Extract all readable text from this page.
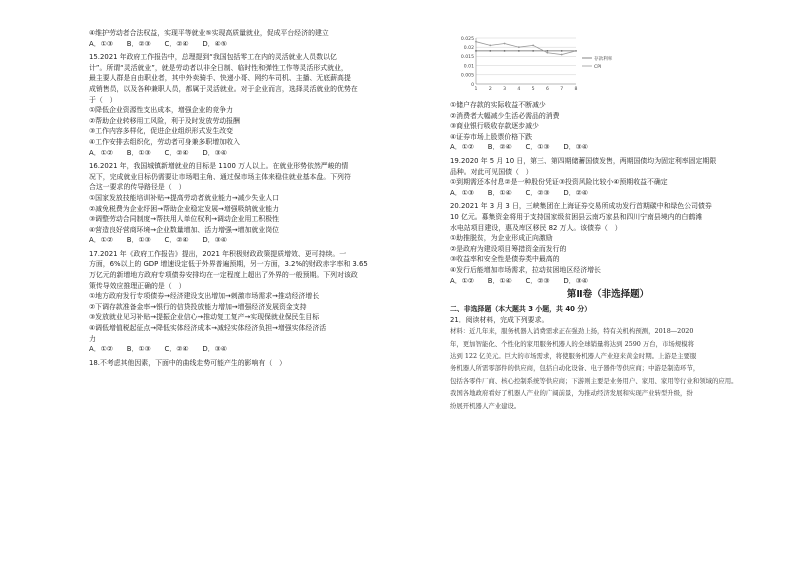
④维护劳动者合法权益，实现平等就业⑤实现高质量就业，促成平台经济的建立
A．①③　　B．②③　　C．②④　　D．④⑤
15.2021 年政府工作报告中，总理提到“我国包括零工在内的灵活就业人员数以亿
计”。所谓“灵活就业”，就是劳动者以非全日制、临时性和弹性工作等灵活形式就业，
最主要人群是自由职业者，其中外卖骑手、快递小哥、网约车司机、主播、无底薪高提
成销售员，以及各种兼职人员，都属于灵活就业。对于企业而言，选择灵活就业的优势在
于（　）
①降低企业资源性支出成本，增强企业的竞争力
②帮助企业转移用工风险，利于及时发放劳动报酬
③工作内容多样化，促进企业组织形式发生改变
④工作安排去组织化，劳动者可身兼多职增加收入
A．①②　　B．①③　　C．②④　　D．③④
16.2021 年，我国城镇新增就业的目标是 1100 万人以上。在就业形势依然严峻的情
况下，完成就业目标仍需要让市场唱主角、通过保市场主体来稳住就业基本盘。下列符
合这一要求的传导路径是（　）
①国家发放技能培训补贴→提高劳动者就业能力→减少失业人口
②减免税费为企业纾困→帮助企业稳定发展→增强吸纳就业能力
③调整劳动合同制度→帮扶用人单位权利→调动企业用工积极性
④营造良好营商环境→企业数量增加、活力增强→增加就业岗位
A．①②　　B．①③　　C．②④　　D．③④
17.2021 年《政府工作报告》提出，2021 年积极财政政策提质增效、更可持续。一
方面，6%以上的 GDP 增速设定低于外界普遍预期，另一方面，3.2%的财政赤字率和 3.65
万亿元的新增地方政府专项债券安排均在一定程度上超出了外界的一般预期。下列对该政
策传导效应推理正确的是（　）
①地方政府发行专项债券→经济建设支出增加→刺激市场需求→推动经济增长
②下调存款准备金率→银行的信贷投放能力增加→增强经济发展资金支持
③发放就业见习补贴→提振企业信心→推动复工复产→实现保就业保民生目标
④调低增值税起征点→降低实体经济成本→减轻实体经济负担→增强实体经济活
力
A．①②　　B．①③　　C．②④　　D．③④
18.不考虑其他因素，下面中的曲线走势可能产生的影响有（　）
0.025
0.02
0.015
0.01
0.005
0
1 2 3 4 5 6 7 8
存款利率
CPI
①储户存款的实际收益不断减少
②消费者大幅减少生活必需品的消费
③商业银行吸收存款逐步减少
④证券市场上股票价格下跌
A．①②　　B．②④　　C．①③　　D．③④
19.2020 年 5 月 10 日，第三、第四期储蓄国债发售，两期国债均为固定利率固定期限
品种。对此可见国债（　）
①到期需还本付息②是一种股份凭证③投资风险比较小④预期收益不确定
A．①③　　B．①④　　C．②③　　D．②④
20.2021 年 3 月 3 日，三峡集团在上海证券交易所成功发行首期碳中和绿色公司债券
10 亿元。募集资金将用于支持国家级贫困县云南巧家县和四川宁南县境内的白鹤滩
水电站项目建设，惠及库区移民 82 万人。该债券（　）
①助推脱贫，为企业形成正向激励
②是政府为建设项目筹措资金而发行的
③收益率和安全性是债券类中最高的
④发行后能增加市场需求，拉动贫困地区经济增长
A．①②　　B．①④　　C．②③　　D．③④
第Ⅱ卷（非选择题）
二、非选择题（本大题共 3 小题，共 40 分）
21．阅读材料，完成下列要求。
材料：近几年来，服务机器人消费需求正在强劲上扬，特有关机构预测，2018—2020
年，更加智能化、个性化的家用服务机器人的全球销量将达到 2590 万台，市场规模将
达到 122 亿美元。巨大的市场需求，将使服务机器人产业迎来黄金时期。上游是主要服
务机器人所需零部件的供应商，包括自动化设备、电子器件等供应商；中游是制造环节，
包括各零件厂商、核心控制系统等供应商；下游则主要是业务用户、家用、家用等行业和领域的应用。
我国各地政府看好了机器人产业的广阔前景，为推动经济发展和实现产业转型升级，纷
纷展开机器人产业建设。
